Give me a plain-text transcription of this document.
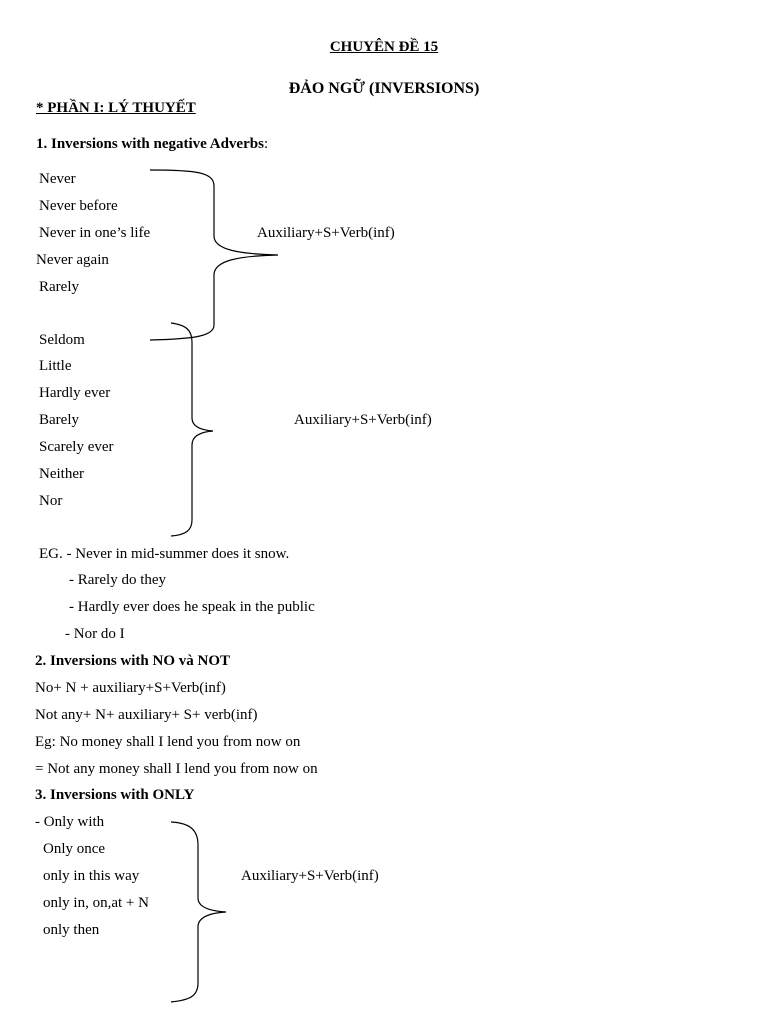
CHUYÊN ĐỀ 15
ĐẢO NGỮ (INVERSIONS)
* PHẦN I: LÝ THUYẾT
1. Inversions with negative Adverbs:
Never
Never before
Never in one’s life
Never again
Rarely
Auxiliary+S+Verb(inf)
Seldom
Little
Hardly ever
Barely
Scarely ever
Neither
Nor
Auxiliary+S+Verb(inf)
EG. - Never in mid-summer does it snow.
- Rarely do they
- Hardly ever does he speak in the public
- Nor do I
2. Inversions with NO và NOT
No+ N + auxiliary+S+Verb(inf)
Not any+ N+ auxiliary+ S+ verb(inf)
Eg: No money shall I lend you from now on
= Not any money shall I lend you from now on
3. Inversions with ONLY
- Only with
Only once
only in this way
only in, on,at + N
only then
Auxiliary+S+Verb(inf)
